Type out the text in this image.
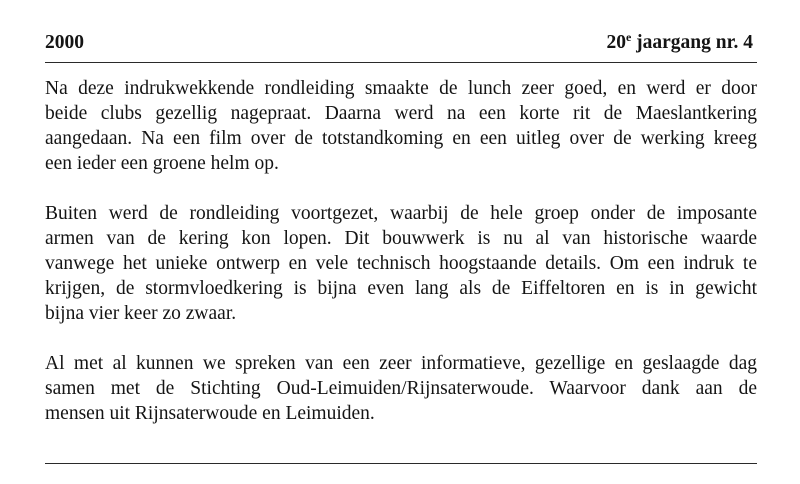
2000	20e jaargang nr. 4
Na deze indrukwekkende rondleiding smaakte de lunch zeer goed, en werd er door
beide clubs gezellig nagepraat. Daarna werd na een korte rit de Maeslantkering
aangedaan. Na een film over de totstandkoming en een uitleg over de werking kreeg
een ieder een groene helm op.
Buiten werd de rondleiding voortgezet, waarbij de hele groep onder de imposante
armen van de kering kon lopen. Dit bouwwerk is nu al van historische waarde
vanwege het unieke ontwerp en vele technisch hoogstaande details. Om een indruk te
krijgen, de stormvloedkering is bijna even lang als de Eiffeltoren en is in gewicht
bijna vier keer zo zwaar.
Al met al kunnen we spreken van een zeer informatieve, gezellige en geslaagde dag
samen met de Stichting Oud-Leimuiden/Rijnsaterwoude. Waarvoor dank aan de
mensen uit Rijnsaterwoude en Leimuiden.
